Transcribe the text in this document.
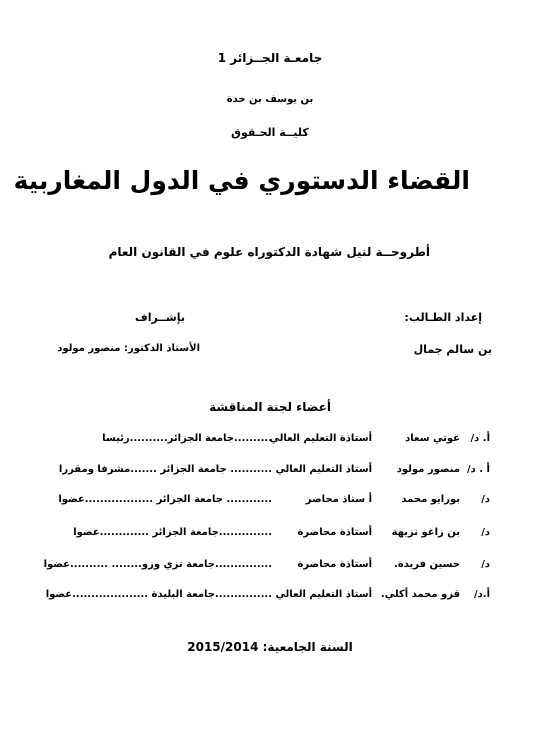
جامعـة الجــزائر 1
بن يوسف بن خدة
كليــة الحـقوق
القضاء الدستوري في الدول المغاربية
أطروحــة لنيل شهادة الدكتوراه علوم في القانون العام
إعداد الطـالب:
بإشــراف
بن سالم جمال
الأستاذ الدكتور: منصور مولود
أعضاء لجنة المناقشة
أ. د/
غوتي سعاد
أستاذة التعليم العالي
..........جامعة الجزائر..........رئيسا
أ . د/
منصور مولود
أستاذ التعليم العالي
........... جامعة الجزائر .......مشرفا ومقررا
د/
بورايو محمد
أ ستاذ محاضر
............ جامعة الجزائر ..................عضوا
د/
بن زاغو نزيهة
أستاذة محاضرة
..............جامعة الجزائر .............عضوا
د/
حسين فريدة.
أستاذة محاضرة
...............جامعة تزي وزو........ ..........عضوا
أ.د/
قزو محمد أكلي.
أستاذ التعليم العالي
...............جامعة البليدة ....................عضوا
السنة الجامعية: 2015/2014
